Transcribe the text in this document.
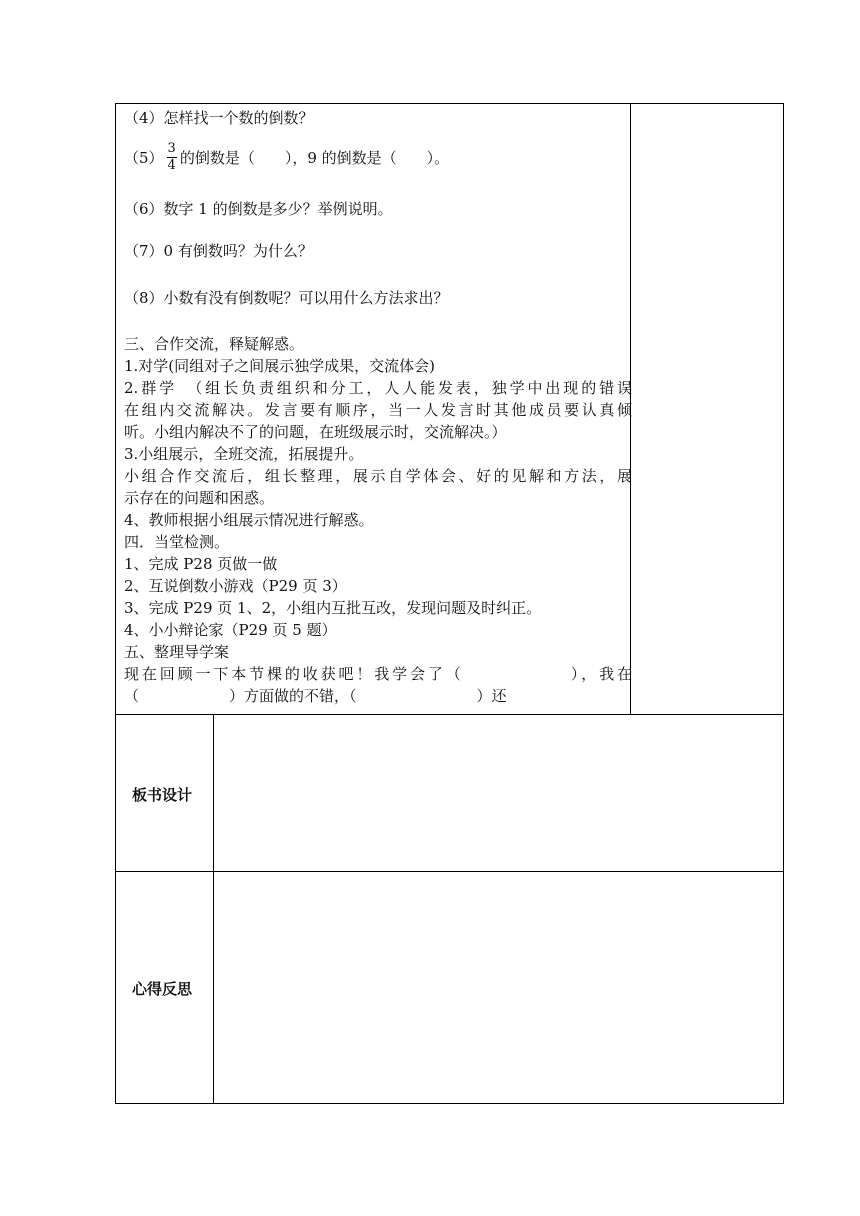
（4）怎样找一个数的倒数？
$(5) \frac{3}{4}$ 的倒数是（　　），9 的倒数是（　　）。
（6）数字 1 的倒数是多少？举例说明。
（7）0 有倒数吗？为什么？
（8）小数有没有倒数呢？可以用什么方法求出？
三、合作交流，释疑解惑。
1.对学(同组对子之间展示独学成果，交流体会)
2.群学　（组长负责组织和分工，人人能发表，独学中出现的错误
在组内交流解决。发言要有顺序，当一人发言时其他成员要认真倾
听。小组内解决不了的问题，在班级展示时，交流解决。）
3.小组展示，全班交流，拓展提升。
小组合作交流后，组长整理，展示自学体会、好的见解和方法，展
示存在的问题和困惑。
4、教师根据小组展示情况进行解惑。
四．当堂检测。
1、完成 P28 页做一做
2、互说倒数小游戏（P29 页 3）
3、完成 P29 页 1、2，小组内互批互改，发现问题及时纠正。
4、小小辩论家（P29 页 5 题）
五、整理导学案
现在回顾一下本节棵的收获吧！我学会了（　　　　　　），我在
（　　　　　　）方面做的不错，（　　　　　　　　）还
板书设计
心得反思
